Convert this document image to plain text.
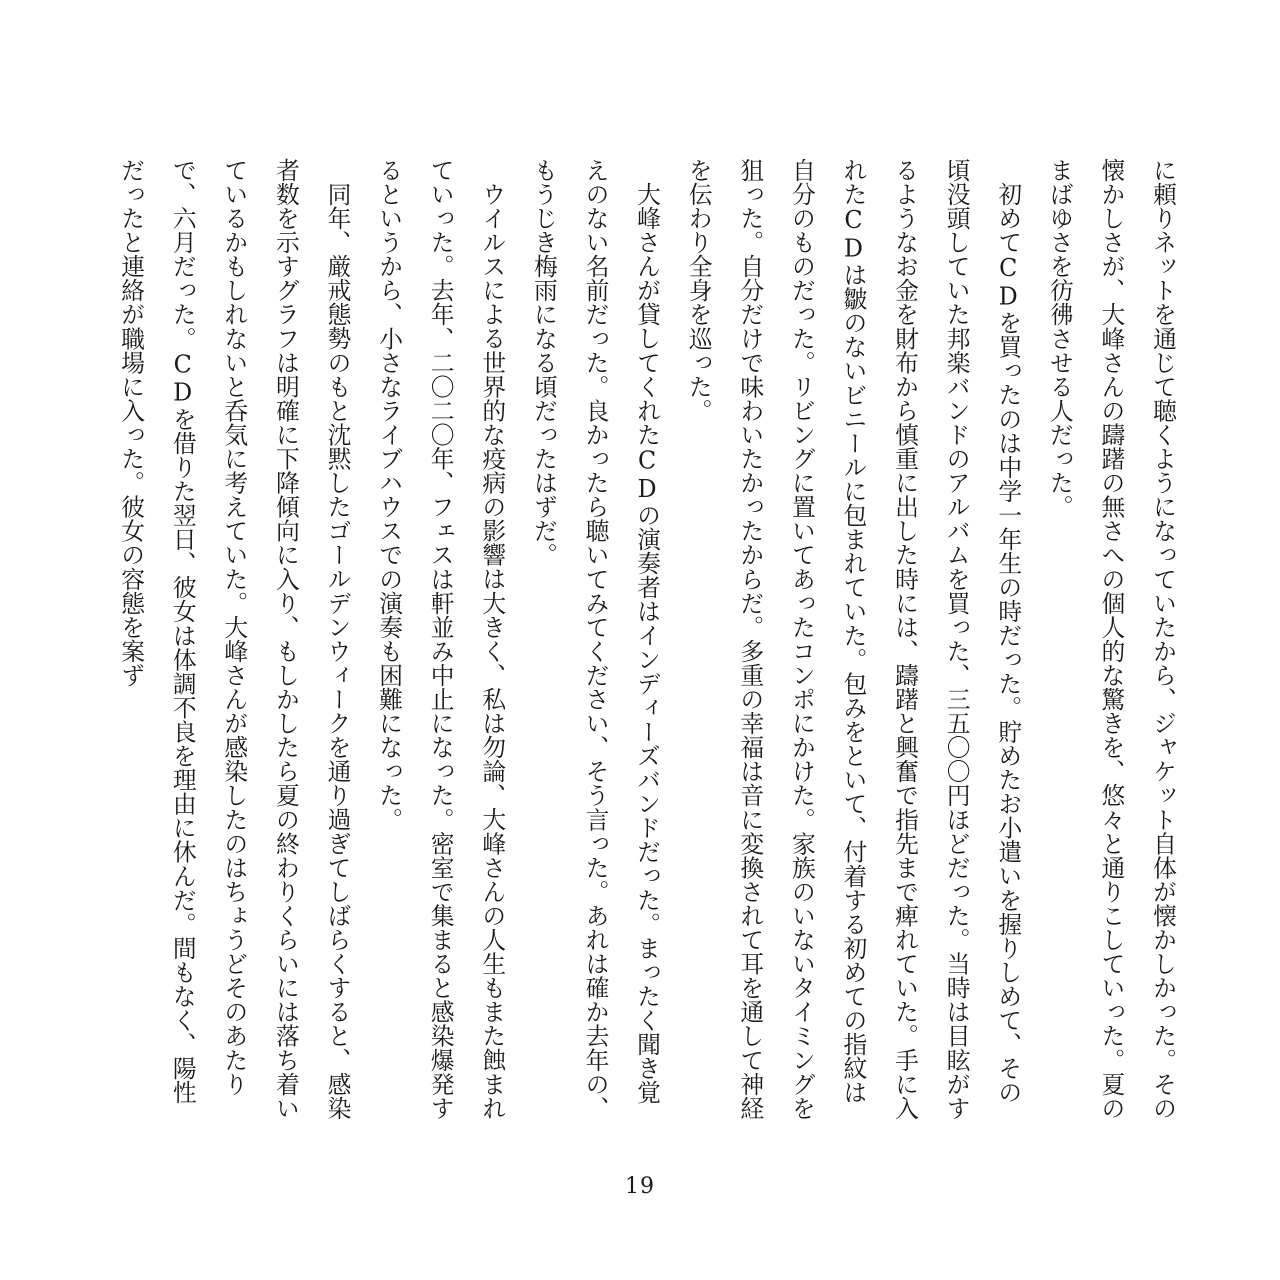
に頼りネットを通じて聴くようになっていたから、ジャケット自体が懐かしかった。その懐かしさが、大峰さんの躊躇の無さへの個人的な驚きを、悠々と通りこしていった。夏のまばゆさを彷彿させる人だった。
初めてCDを買ったのは中学一年生の時だった。貯めたお小遣いを握りしめて、その頃没頭していた邦楽バンドのアルバムを買った、三五〇〇円ほどだった。当時は目眩がするようなお金を財布から慎重に出した時には、躊躇と興奮で指先まで痺れていた。手に入れたCDは皺のないビニールに包まれていた。包みをといて、付着する初めての指紋は自分のものだった。リビングに置いてあったコンポにかけた。家族のいないタイミングを狙った。自分だけで味わいたかったからだ。多重の幸福は音に変換されて耳を通して神経を伝わり全身を巡った。
大峰さんが貸してくれたCDの演奏者はインディーズバンドだった。まったく聞き覚えのない名前だった。良かったら聴いてみてください、そう言った。あれは確か去年の、もうじき梅雨になる頃だったはずだ。
ウイルスによる世界的な疫病の影響は大きく、私は勿論、大峰さんの人生もまた蝕まれていった。去年、二〇二〇年、フェスは軒並み中止になった。密室で集まると感染爆発するというから、小さなライブハウスでの演奏も困難になった。
同年、厳戒態勢のもと沈黙したゴールデンウィークを通り過ぎてしばらくすると、感染者数を示すグラフは明確に下降傾向に入り、もしかしたら夏の終わりくらいには落ち着いているかもしれないと呑気に考えていた。大峰さんが感染したのはちょうどそのあたりで、六月だった。CDを借りた翌日、彼女は体調不良を理由に休んだ。間もなく、陽性だったと連絡が職場に入った。彼女の容態を案ず
19
